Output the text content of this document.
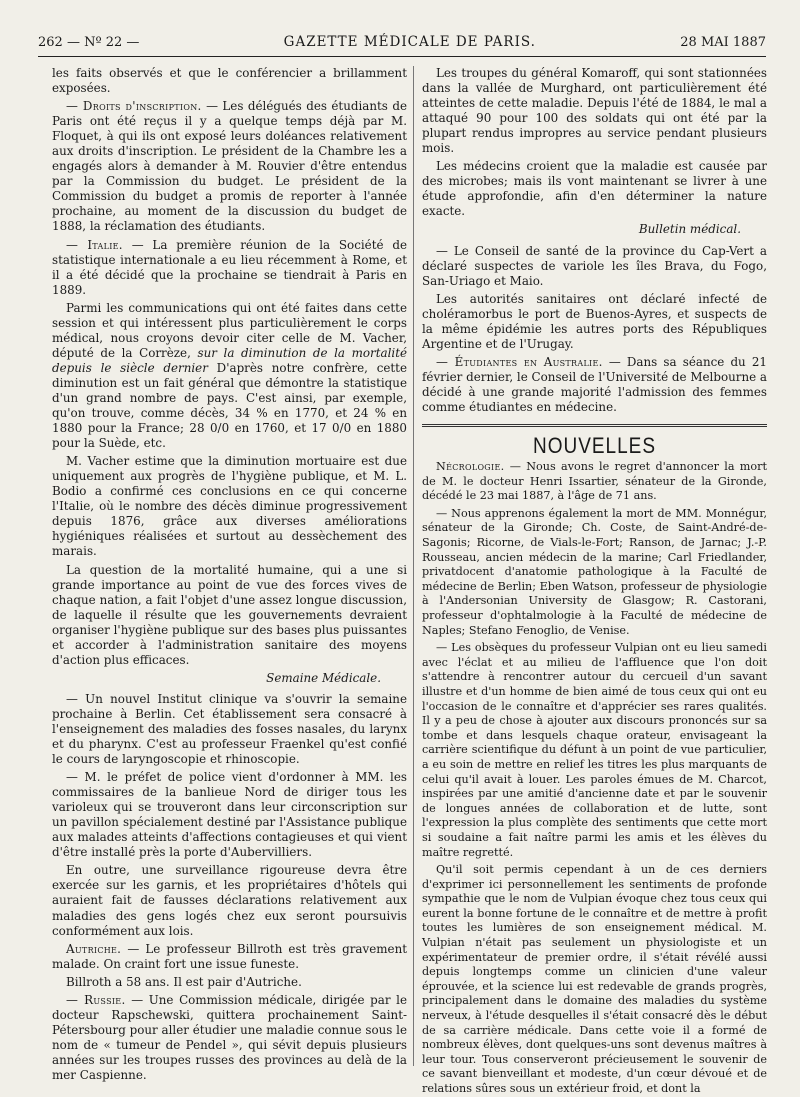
262 — Nº 22 —	GAZETTE MÉDICALE DE PARIS.	28 MAI 1887

les faits observés et que le conférencier a brillamment exposées.

— Droits d'inscription. — Les délégués des étudiants de Paris ont été reçus il y a quelque temps déjà par M. Floquet, à qui ils ont exposé leurs doléances relativement aux droits d'inscription. Le président de la Chambre les a engagés alors à demander à M. Rouvier d'être entendus par la Commission du budget. Le président de la Commission du budget a promis de reporter à l'année prochaine, au moment de la discussion du budget de 1888, la réclamation des étudiants.

— Italie. — La première réunion de la Société de statistique internationale a eu lieu récemment à Rome, et il a été décidé que la prochaine se tiendrait à Paris en 1889.

Parmi les communications qui ont été faites dans cette session et qui intéressent plus particulièrement le corps médical, nous croyons devoir citer celle de M. Vacher, député de la Corrèze, sur la diminution de la mortalité depuis le siècle dernier D'après notre confrère, cette diminution est un fait général que démontre la statistique d'un grand nombre de pays. C'est ainsi, par exemple, qu'on trouve, comme décès, 34 % en 1770, et 24 % en 1880 pour la France; 28 0/0 en 1760, et 17 0/0 en 1880 pour la Suède, etc.

M. Vacher estime que la diminution mortuaire est due uniquement aux progrès de l'hygiène publique, et M. L. Bodio a confirmé ces conclusions en ce qui concerne l'Italie, où le nombre des décès diminue progressivement depuis 1876, grâce aux diverses améliorations hygiéniques réalisées et surtout au dessèchement des marais.

La question de la mortalité humaine, qui a une si grande importance au point de vue des forces vives de chaque nation, a fait l'objet d'une assez longue discussion, de laquelle il résulte que les gouvernements devraient organiser l'hygiène publique sur des bases plus puissantes et accorder à l'administration sanitaire des moyens d'action plus efficaces.

Semaine Médicale.

— Un nouvel Institut clinique va s'ouvrir la semaine prochaine à Berlin. Cet établissement sera consacré à l'enseignement des maladies des fosses nasales, du larynx et du pharynx. C'est au professeur Fraenkel qu'est confié le cours de laryngoscopie et rhinoscopie.

— M. le préfet de police vient d'ordonner à MM. les commissaires de la banlieue Nord de diriger tous les varioleux qui se trouveront dans leur circonscription sur un pavillon spécialement destiné par l'Assistance publique aux malades atteints d'affections contagieuses et qui vient d'être installé près la porte d'Aubervilliers.

En outre, une surveillance rigoureuse devra être exercée sur les garnis, et les propriétaires d'hôtels qui auraient fait de fausses déclarations relativement aux maladies des gens logés chez eux seront poursuivis conformément aux lois.

Autriche. — Le professeur Billroth est très gravement malade. On craint fort une issue funeste.

Billroth a 58 ans. Il est pair d'Autriche.

— Russie. — Une Commission médicale, dirigée par le docteur Rapschewski, quittera prochainement Saint-Pétersbourg pour aller étudier une maladie connue sous le nom de « tumeur de Pendel », qui sévit depuis plusieurs années sur les troupes russes des provinces au delà de la mer Caspienne.

Les troupes du général Komaroff, qui sont stationnées dans la vallée de Murghard, ont particulièrement été atteintes de cette maladie. Depuis l'été de 1884, le mal a attaqué 90 pour 100 des soldats qui ont été par la plupart rendus impropres au service pendant plusieurs mois.

Les médecins croient que la maladie est causée par des microbes; mais ils vont maintenant se livrer à une étude approfondie, afin d'en déterminer la nature exacte.

Bulletin médical.

— Le Conseil de santé de la province du Cap-Vert a déclaré suspectes de variole les îles Brava, du Fogo, San-Uriago et Maio.

Les autorités sanitaires ont déclaré infecté de choléramorbus le port de Buenos-Ayres, et suspects de la même épidémie les autres ports des Républiques Argentine et de l'Urugay.

— Étudiantes en Australie. — Dans sa séance du 21 février dernier, le Conseil de l'Université de Melbourne a décidé à une grande majorité l'admission des femmes comme étudiantes en médecine.

NOUVELLES

Nécrologie. — Nous avons le regret d'annoncer la mort de M. le docteur Henri Issartier, sénateur de la Gironde, décédé le 23 mai 1887, à l'âge de 71 ans.

— Nous apprenons également la mort de MM. Monnégur, sénateur de la Gironde; Ch. Coste, de Saint-André-de-Sagonis; Ricorne, de Vials-le-Fort; Ranson, de Jarnac; J.-P. Rousseau, ancien médecin de la marine; Carl Friedlander, privatdocent d'anatomie pathologique à la Faculté de médecine de Berlin; Eben Watson, professeur de physiologie à l'Andersonian University de Glasgow; R. Castorani, professeur d'ophtalmologie à la Faculté de médecine de Naples; Stefano Fenoglio, de Venise.

— Les obsèques du professeur Vulpian ont eu lieu samedi avec l'éclat et au milieu de l'affluence que l'on doit s'attendre à rencontrer autour du cercueil d'un savant illustre et d'un homme de bien aimé de tous ceux qui ont eu l'occasion de le connaître et d'apprécier ses rares qualités. Il y a peu de chose à ajouter aux discours prononcés sur sa tombe et dans lesquels chaque orateur, envisageant la carrière scientifique du défunt à un point de vue particulier, a eu soin de mettre en relief les titres les plus marquants de celui qu'il avait à louer. Les paroles émues de M. Charcot, inspirées par une amitié d'ancienne date et par le souvenir de longues années de collaboration et de lutte, sont l'expression la plus complète des sentiments que cette mort si soudaine a fait naître parmi les amis et les élèves du maître regretté.

Qu'il soit permis cependant à un de ces derniers d'exprimer ici personnellement les sentiments de profonde sympathie que le nom de Vulpian évoque chez tous ceux qui eurent la bonne fortune de le connaître et de mettre à profit toutes les lumières de son enseignement médical. M. Vulpian n'était pas seulement un physiologiste et un expérimentateur de premier ordre, il s'était révélé aussi depuis longtemps comme un clinicien d'une valeur éprouvée, et la science lui est redevable de grands progrès, principalement dans le domaine des maladies du système nerveux, à l'étude desquelles il s'était consacré dès le début de sa carrière médicale. Dans cette voie il a formé de nombreux élèves, dont quelques-uns sont devenus maîtres à leur tour. Tous conserveront précieusement le souvenir de ce savant bienveillant et modeste, d'un cœur dévoué et de relations sûres sous un extérieur froid, et dont la
